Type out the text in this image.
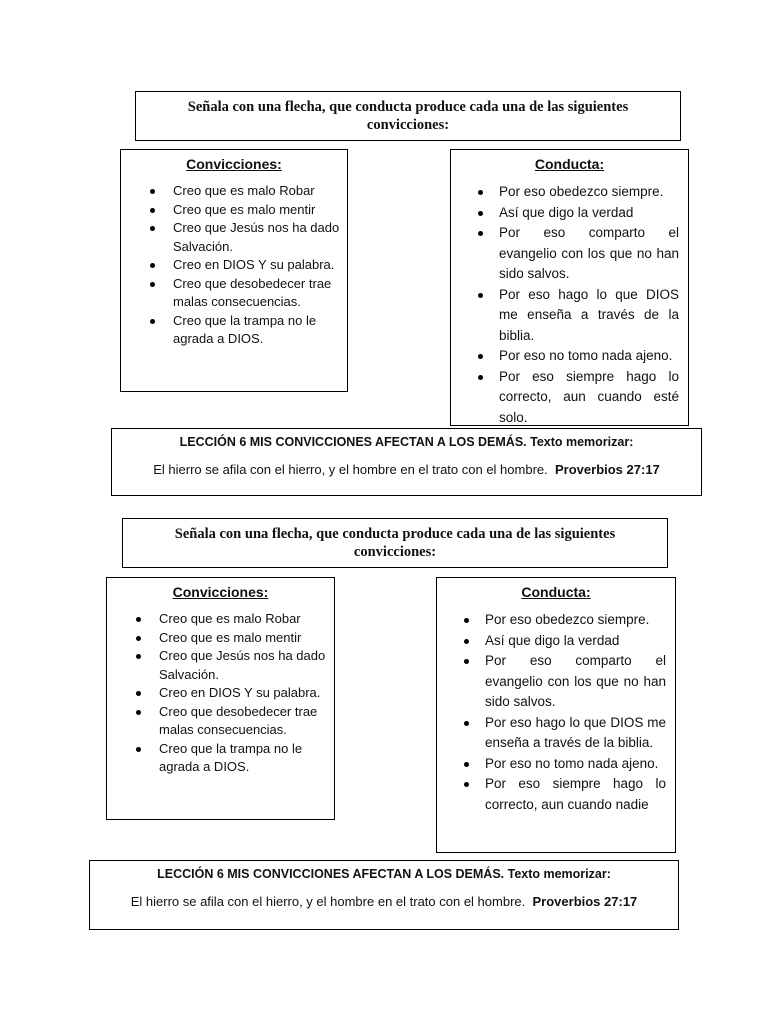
Señala con una flecha, que conducta produce cada una de las siguientes convicciones:
Convicciones:
Creo que es malo Robar
Creo que es malo mentir
Creo que Jesús nos ha dado Salvación.
Creo en DIOS Y su palabra.
Creo que desobedecer trae malas consecuencias.
Creo que la trampa no le agrada a DIOS.
Conducta:
Por eso obedezco siempre.
Así que digo la verdad
Por eso comparto el evangelio con los que no han sido salvos.
Por eso hago lo que DIOS me enseña a través de la biblia.
Por eso no tomo nada ajeno.
Por eso siempre hago lo correcto, aun cuando esté solo.
LECCIÓN 6 MIS CONVICCIONES AFECTAN A LOS DEMÁS. Texto memorizar:
El hierro se afila con el hierro, y el hombre en el trato con el hombre. Proverbios 27:17
Señala con una flecha, que conducta produce cada una de las siguientes convicciones:
Convicciones:
Creo que es malo Robar
Creo que es malo mentir
Creo que Jesús nos ha dado Salvación.
Creo en DIOS Y su palabra.
Creo que desobedecer trae malas consecuencias.
Creo que la trampa no le agrada a DIOS.
Conducta:
Por eso obedezco siempre.
Así que digo la verdad
Por eso comparto el evangelio con los que no han sido salvos.
Por eso hago lo que DIOS me enseña a través de la biblia.
Por eso no tomo nada ajeno.
Por eso siempre hago lo correcto, aun cuando nadie
LECCIÓN 6 MIS CONVICCIONES AFECTAN A LOS DEMÁS. Texto memorizar:
El hierro se afila con el hierro, y el hombre en el trato con el hombre. Proverbios 27:17
